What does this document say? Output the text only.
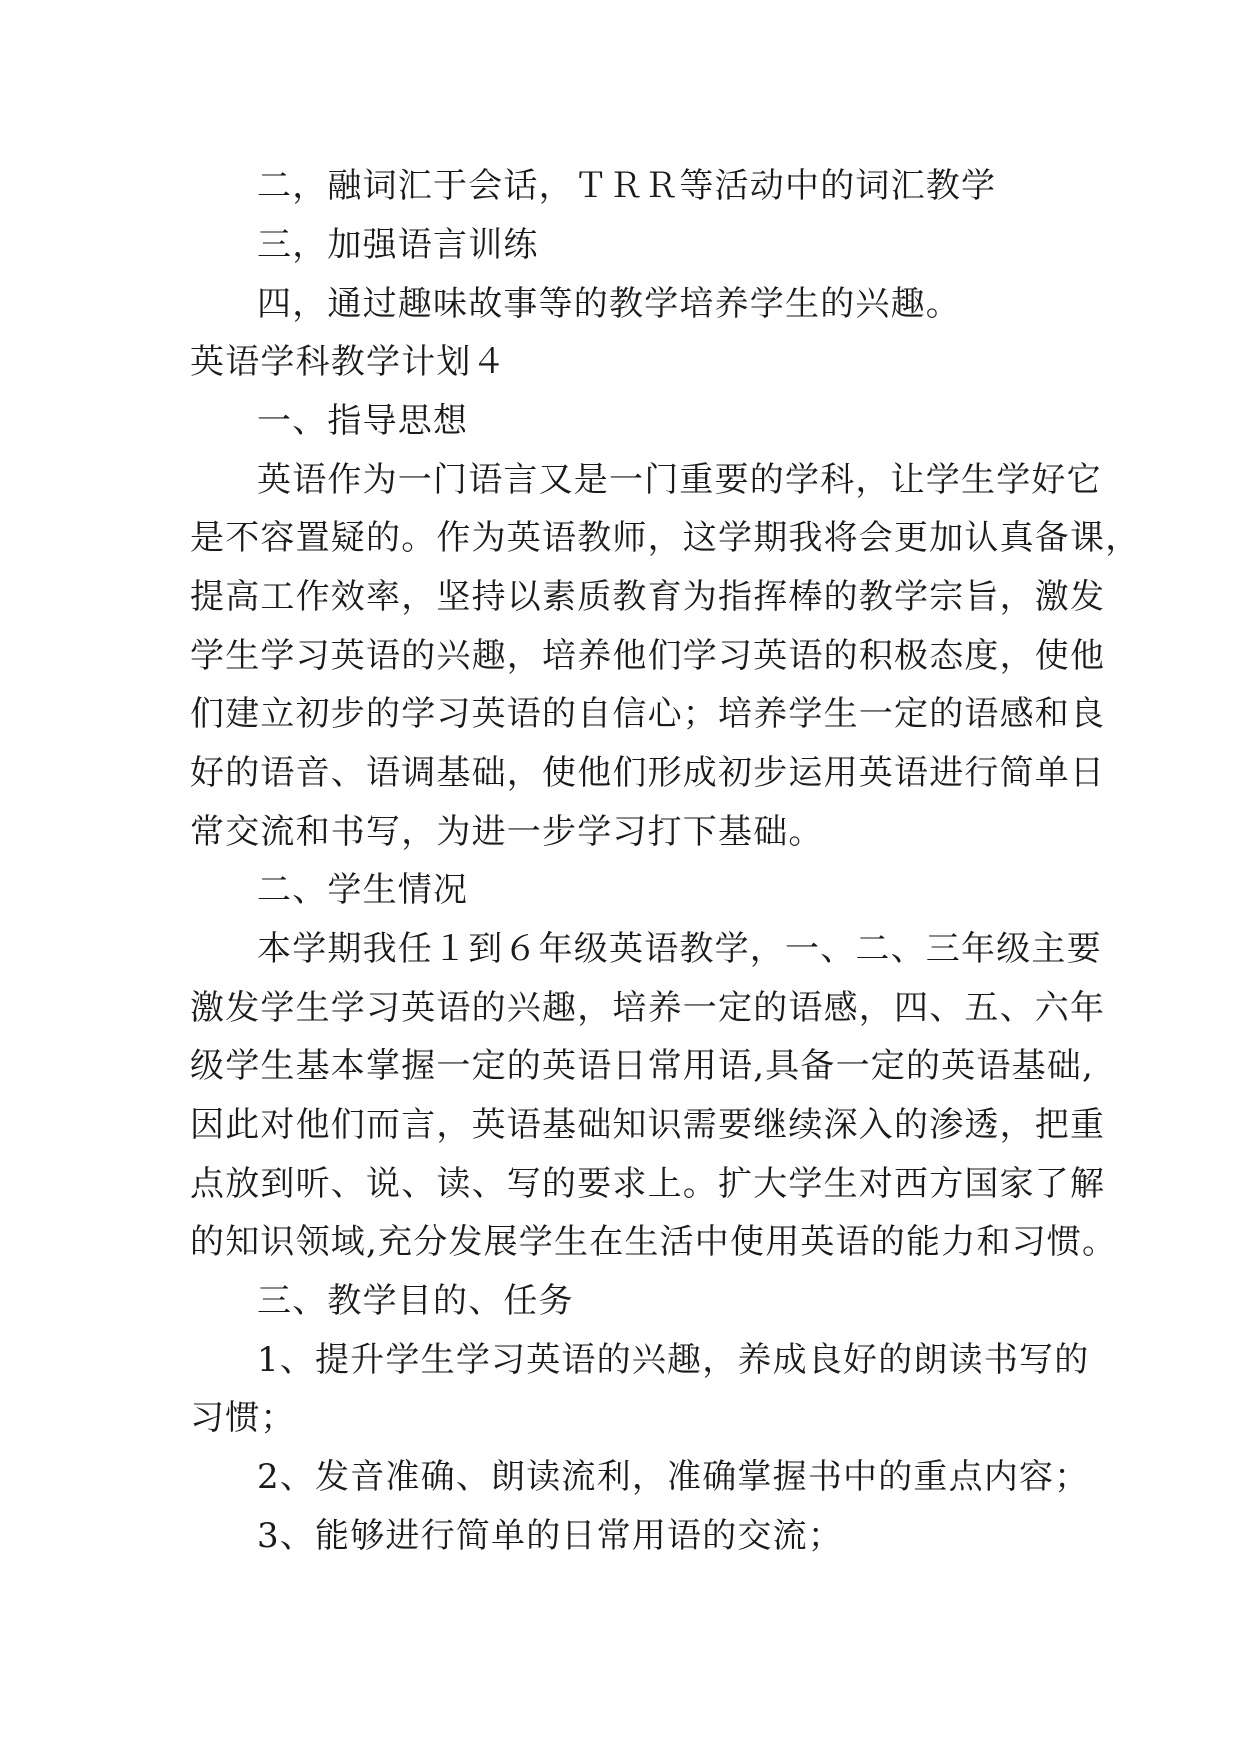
二，融词汇于会话，ＴＲＲ等活动中的词汇教学
三，加强语言训练
四，通过趣味故事等的教学培养学生的兴趣。
英语学科教学计划４
一、指导思想
英语作为一门语言又是一门重要的学科，让学生学好它
是不容置疑的。作为英语教师，这学期我将会更加认真备课，
提高工作效率，坚持以素质教育为指挥棒的教学宗旨，激发
学生学习英语的兴趣，培养他们学习英语的积极态度，使他
们建立初步的学习英语的自信心；培养学生一定的语感和良
好的语音、语调基础，使他们形成初步运用英语进行简单日
常交流和书写，为进一步学习打下基础。
二、学生情况
本学期我任１到６年级英语教学，一、二、三年级主要
激发学生学习英语的兴趣，培养一定的语感，四、五、六年
级学生基本掌握一定的英语日常用语,具备一定的英语基础,
因此对他们而言，英语基础知识需要继续深入的渗透，把重
点放到听、说、读、写的要求上。扩大学生对西方国家了解
的知识领域,充分发展学生在生活中使用英语的能力和习惯。
三、教学目的、任务
1、提升学生学习英语的兴趣，养成良好的朗读书写的
习惯；
2、发音准确、朗读流利，准确掌握书中的重点内容；
3、能够进行简单的日常用语的交流；
